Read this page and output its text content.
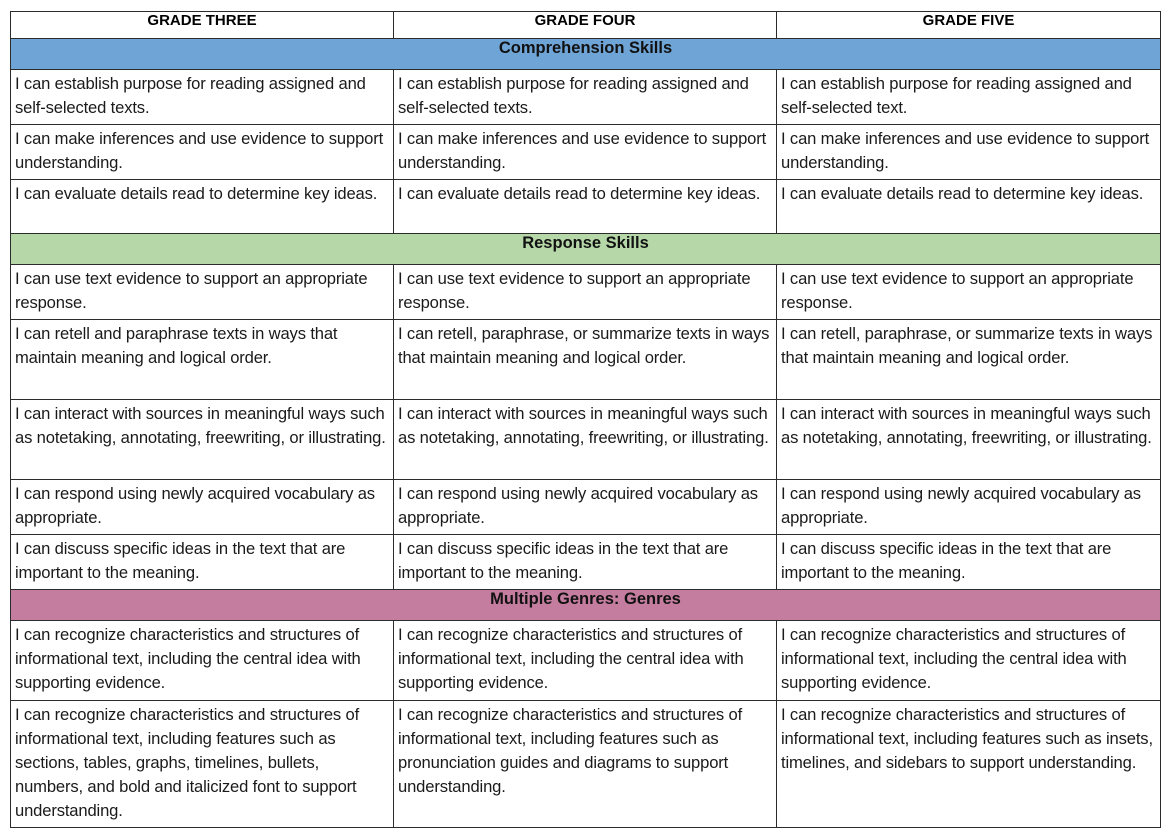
GRADE THREE	GRADE FOUR	GRADE FIVE
Comprehension Skills		
I can establish purpose for reading assigned and self-selected texts.	I can establish purpose for reading assigned and self-selected texts.	I can establish purpose for reading assigned and self-selected text.
I can make inferences and use evidence to support understanding.	I can make inferences and use evidence to support understanding.	I can make inferences and use evidence to support understanding.
I can evaluate details read to determine key ideas.	I can evaluate details read to determine key ideas.	I can evaluate details read to determine key ideas.
Response Skills		
I can use text evidence to support an appropriate response.	I can use text evidence to support an appropriate response.	I can use text evidence to support an appropriate response.
I can retell and paraphrase texts in ways that maintain meaning and logical order.	I can retell, paraphrase, or summarize texts in ways that maintain meaning and logical order.	I can retell, paraphrase, or summarize texts in ways that maintain meaning and logical order.
I can interact with sources in meaningful ways such as notetaking, annotating, freewriting, or illustrating.	I can interact with sources in meaningful ways such as notetaking, annotating, freewriting, or illustrating.	I can interact with sources in meaningful ways such as notetaking, annotating, freewriting, or illustrating.
I can respond using newly acquired vocabulary as appropriate.	I can respond using newly acquired vocabulary as appropriate.	I can respond using newly acquired vocabulary as appropriate.
I can discuss specific ideas in the text that are important to the meaning.	I can discuss specific ideas in the text that are important to the meaning.	I can discuss specific ideas in the text that are important to the meaning.
Multiple Genres: Genres		
I can recognize characteristics and structures of informational text, including the central idea with supporting evidence.	I can recognize characteristics and structures of informational text, including the central idea with supporting evidence.	I can recognize characteristics and structures of informational text, including the central idea with supporting evidence.
I can recognize characteristics and structures of informational text, including features such as sections, tables, graphs, timelines, bullets, numbers, and bold and italicized font to support understanding.	I can recognize characteristics and structures of informational text, including features such as pronunciation guides and diagrams to support understanding.	I can recognize characteristics and structures of informational text, including features such as insets, timelines, and sidebars to support understanding.
